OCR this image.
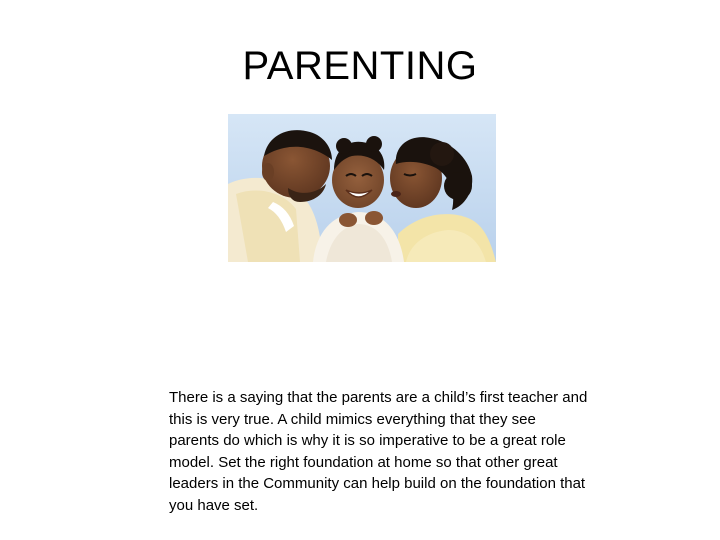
PARENTING
There is a saying that the parents are a child’s first teacher and this is very true. A child mimics everything that they see parents do which is why it is so imperative to be a great role model. Set the right foundation at home so that other great leaders in the Community can help build on the foundation that you have set.
